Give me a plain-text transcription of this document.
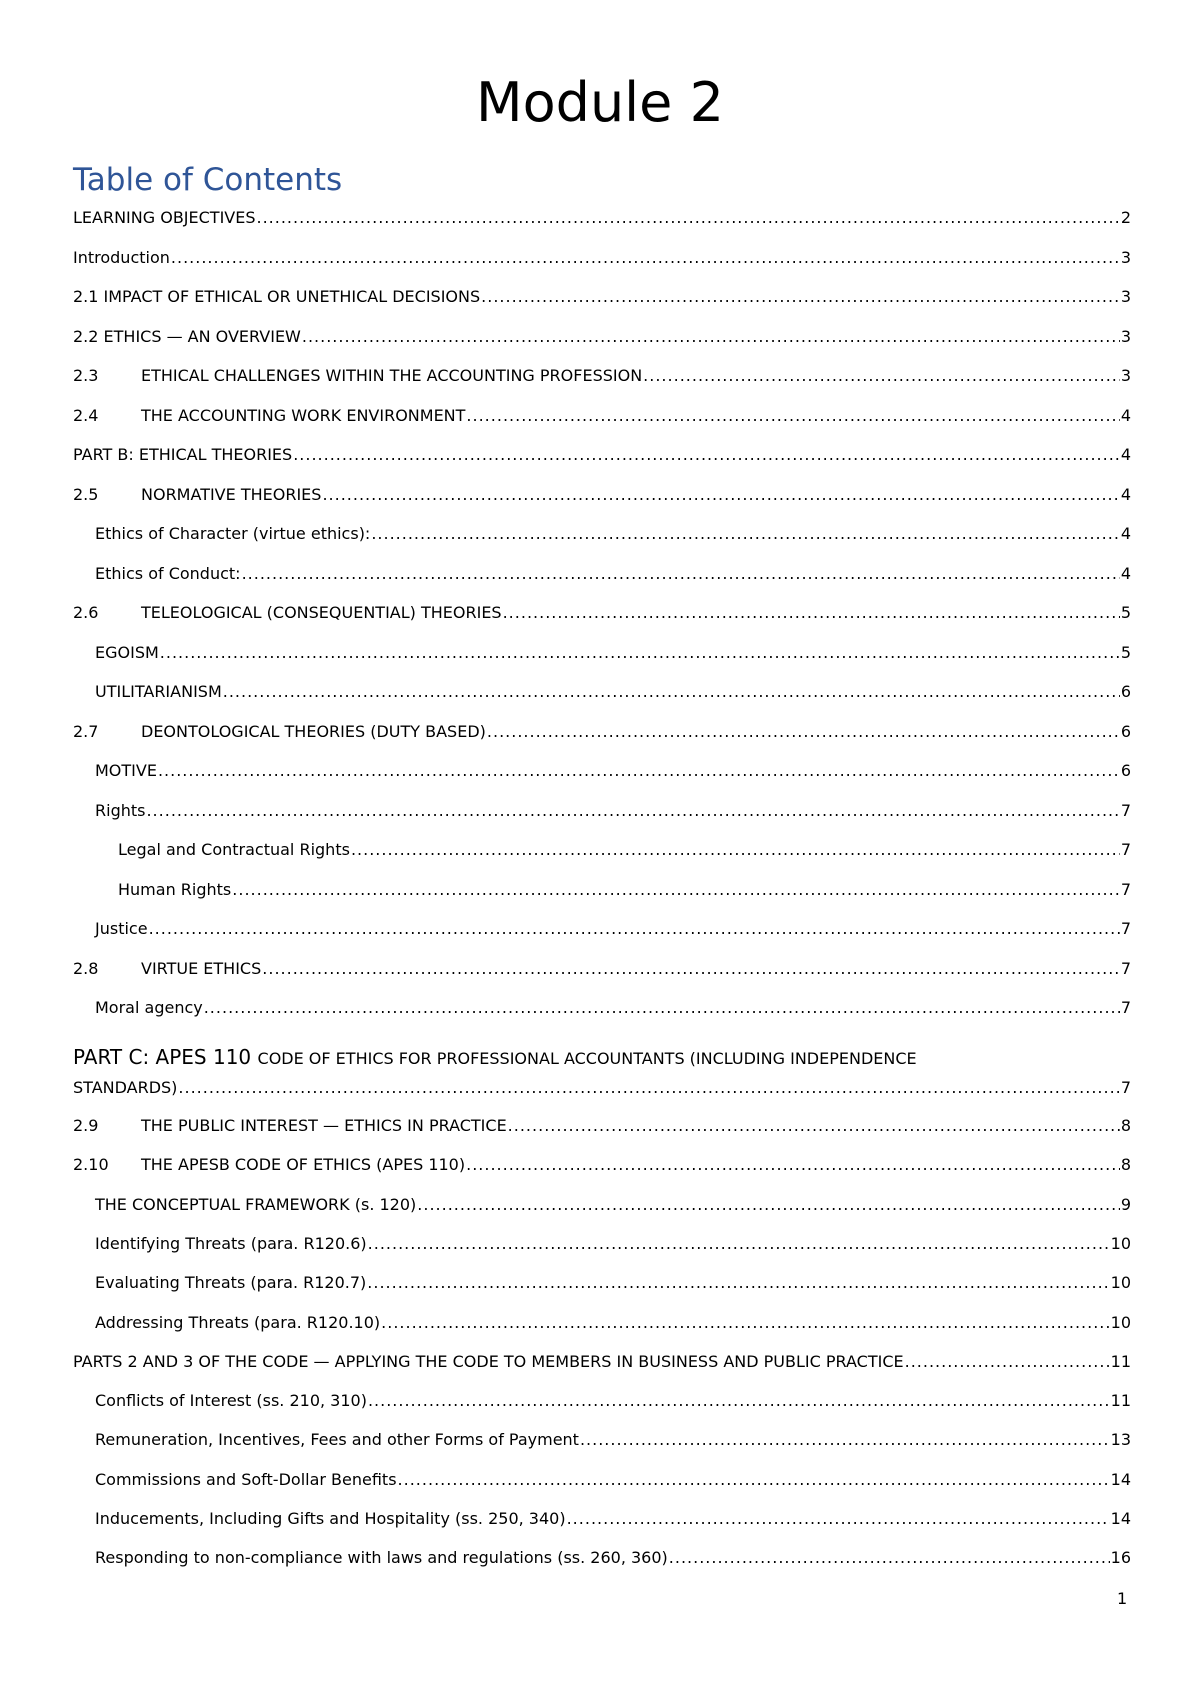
Module 2
Table of Contents
LEARNING OBJECTIVES .....	2
Introduction .....	3
2.1 IMPACT OF ETHICAL OR UNETHICAL DECISIONS .....	3
2.2 ETHICS — AN OVERVIEW .....	3
2.3	ETHICAL CHALLENGES WITHIN THE ACCOUNTING PROFESSION .....	3
2.4	THE ACCOUNTING WORK ENVIRONMENT .....	4
PART B: ETHICAL THEORIES .....	4
2.5	NORMATIVE THEORIES .....	4
Ethics of Character (virtue ethics): .....	4
Ethics of Conduct: .....	4
2.6	TELEOLOGICAL (CONSEQUENTIAL) THEORIES .....	5
EGOISM .....	5
UTILITARIANISM .....	6
2.7	DEONTOLOGICAL THEORIES (DUTY BASED) .....	6
MOTIVE .....	6
Rights .....	7
Legal and Contractual Rights .....	7
Human Rights .....	7
Justice .....	7
2.8	VIRTUE ETHICS .....	7
Moral agency .....	7
PART C: APES 110 CODE OF ETHICS FOR PROFESSIONAL ACCOUNTANTS (INCLUDING INDEPENDENCE
STANDARDS) .....	7
2.9	THE PUBLIC INTEREST — ETHICS IN PRACTICE .....	8
2.10	THE APESB CODE OF ETHICS (APES 110) .....	8
THE CONCEPTUAL FRAMEWORK (s. 120) .....	9
Identifying Threats (para. R120.6) .....	10
Evaluating Threats (para. R120.7) .....	10
Addressing Threats (para. R120.10) .....	10
PARTS 2 AND 3 OF THE CODE — APPLYING THE CODE TO MEMBERS IN BUSINESS AND PUBLIC PRACTICE .....	11
Conflicts of Interest (ss. 210, 310) .....	11
Remuneration, Incentives, Fees and other Forms of Payment .....	13
Commissions and Soft-Dollar Benefits .....	14
Inducements, Including Gifts and Hospitality (ss. 250, 340) .....	14
Responding to non-compliance with laws and regulations (ss. 260, 360) .....	16
1
